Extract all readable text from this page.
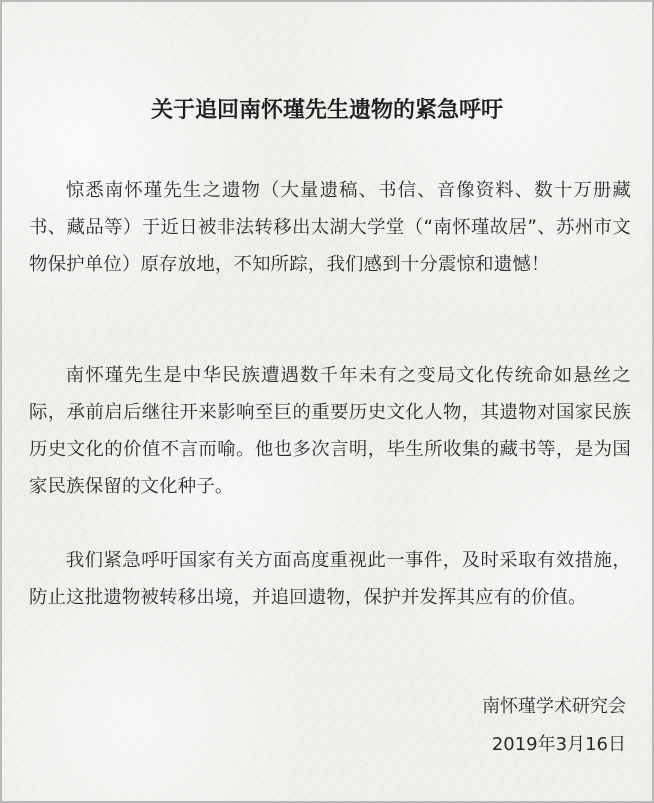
关于追回南怀瑾先生遗物的紧急呼吁

惊悉南怀瑾先生之遗物（大量遗稿、书信、音像资料、数十万册藏书、藏品等）于近日被非法转移出太湖大学堂（“南怀瑾故居”、苏州市文物保护单位）原存放地，不知所踪，我们感到十分震惊和遗憾！

南怀瑾先生是中华民族遭遇数千年未有之变局文化传统命如悬丝之际，承前启后继往开来影响至巨的重要历史文化人物，其遗物对国家民族历史文化的价值不言而喻。他也多次言明，毕生所收集的藏书等，是为国家民族保留的文化种子。

我们紧急呼吁国家有关方面高度重视此一事件，及时采取有效措施，防止这批遗物被转移出境，并追回遗物，保护并发挥其应有的价值。

南怀瑾学术研究会
2019年3月16日
